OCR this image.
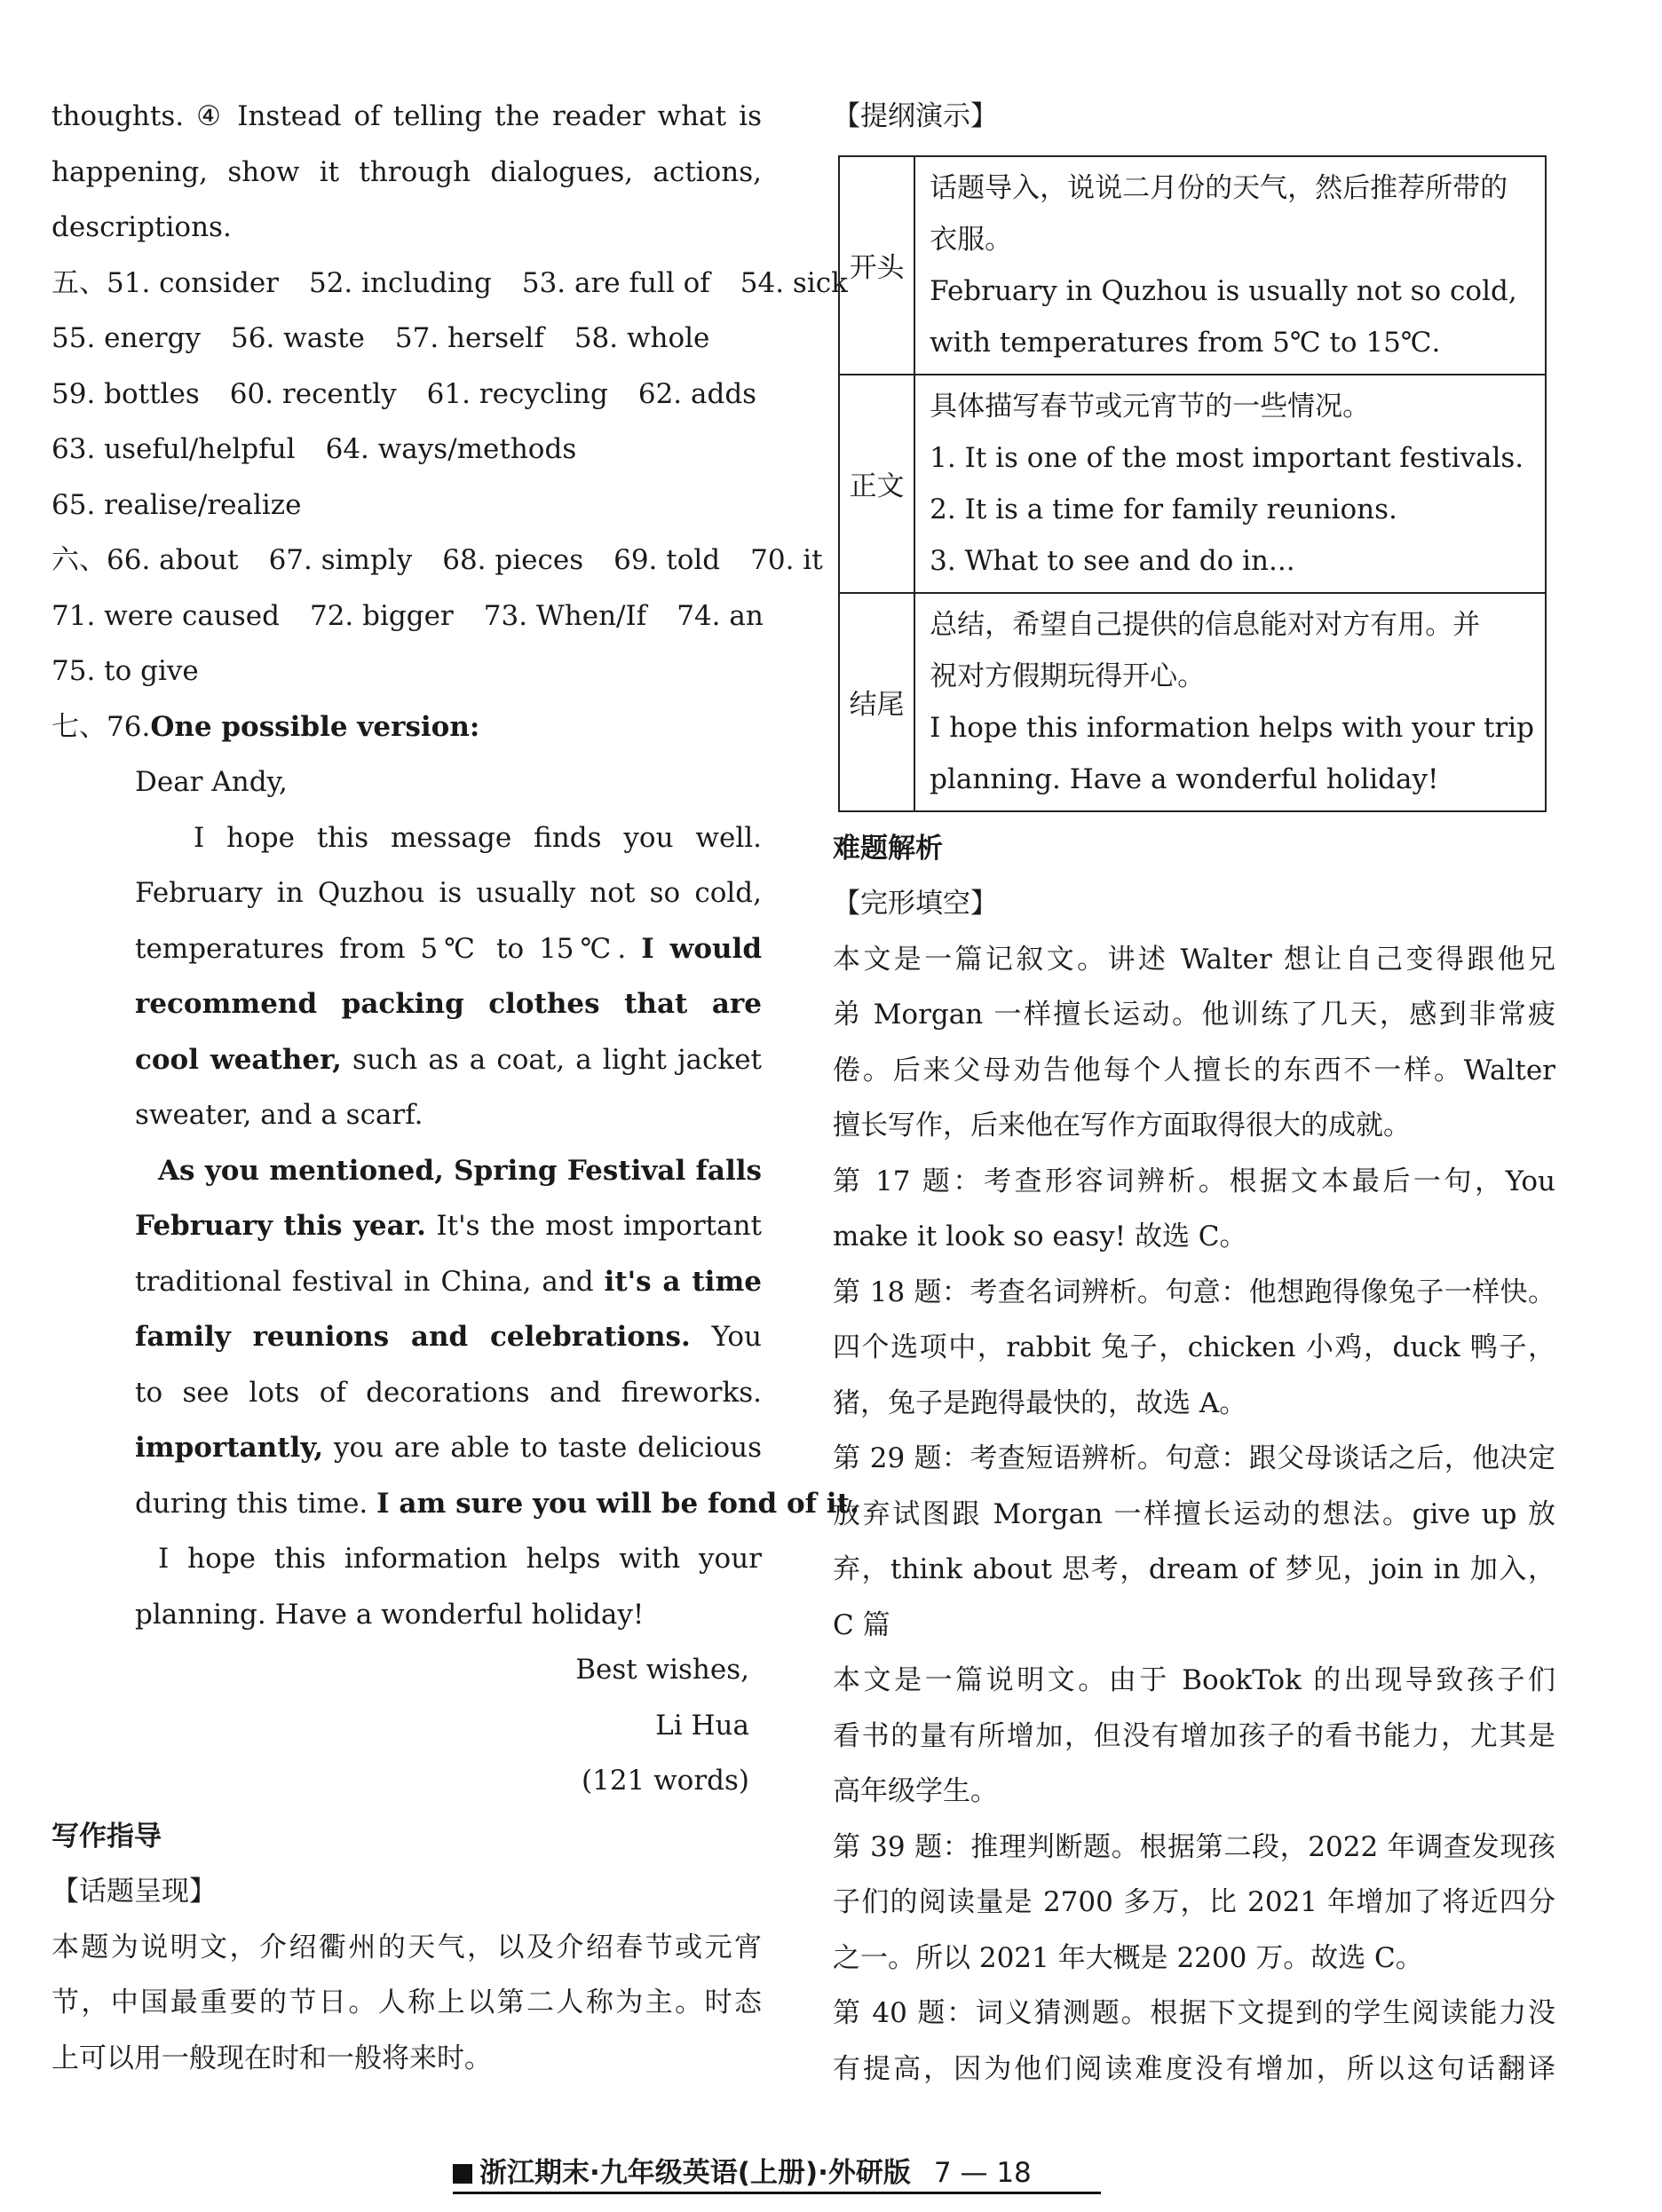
thoughts. ④ Instead of telling the reader what is
happening, show it through dialogues, actions,
descriptions.
五、51. consider 52. including 53. are full of 54. sick
55. energy 56. waste 57. herself 58. whole
59. bottles 60. recently 61. recycling 62. adds
63. useful/helpful 64. ways/methods
65. realise/realize
六、66. about 67. simply 68. pieces 69. told 70. it
71. were caused 72. bigger 73. When/If 74. an
75. to give
七、76.One possible version:
Dear Andy,
I hope this message finds you well.
February in Quzhou is usually not so cold,
temperatures from 5℃ to 15℃. I would
recommend packing clothes that are
cool weather, such as a coat, a light jacket
sweater, and a scarf.
As you mentioned, Spring Festival falls
February this year. It's the most important
traditional festival in China, and it's a time
family reunions and celebrations. You
to see lots of decorations and fireworks.
importantly, you are able to taste delicious
during this time. I am sure you will be fond of it.
I hope this information helps with your
planning. Have a wonderful holiday!
Best wishes,
Li Hua
(121 words)
写作指导
【话题呈现】
本题为说明文，介绍衢州的天气，以及介绍春节或元宵
节，中国最重要的节日。人称上以第二人称为主。时态
上可以用一般现在时和一般将来时。
【提纲演示】
开头	话题导入，说说二月份的天气，然后推荐所带的
衣服。
February in Quzhou is usually not so cold,
with temperatures from 5℃ to 15℃.

正文	具体描写春节或元宵节的一些情况。
1. It is one of the most important festivals.
2. It is a time for family reunions.
3. What to see and do in...

结尾	总结，希望自己提供的信息能对对方有用。并
祝对方假期玩得开心。
I hope this information helps with your trip
planning. Have a wonderful holiday!
难题解析
【完形填空】
本文是一篇记叙文。讲述 Walter 想让自己变得跟他兄
弟 Morgan 一样擅长运动。他训练了几天，感到非常疲
倦。后来父母劝告他每个人擅长的东西不一样。Walter
擅长写作，后来他在写作方面取得很大的成就。
第 17 题：考查形容词辨析。根据文本最后一句，You
make it look so easy! 故选 C。
第 18 题：考查名词辨析。句意：他想跑得像兔子一样快。
四个选项中，rabbit 兔子，chicken 小鸡，duck 鸭子，
猪，兔子是跑得最快的，故选 A。
第 29 题：考查短语辨析。句意：跟父母谈话之后，他决定
放弃试图跟 Morgan 一样擅长运动的想法。give up 放
弃，think about 思考，dream of 梦见，join in 加入，
C 篇
本文是一篇说明文。由于 BookTok 的出现导致孩子们
看书的量有所增加，但没有增加孩子的看书能力，尤其是
高年级学生。
第 39 题：推理判断题。根据第二段，2022 年调查发现孩
子们的阅读量是 2700 多万，比 2021 年增加了将近四分
之一。所以 2021 年大概是 2200 万。故选 C。
第 40 题：词义猜测题。根据下文提到的学生阅读能力没
有提高，因为他们阅读难度没有增加，所以这句话翻译
浙江期末·九年级英语(上册)·外研版 7 — 18
